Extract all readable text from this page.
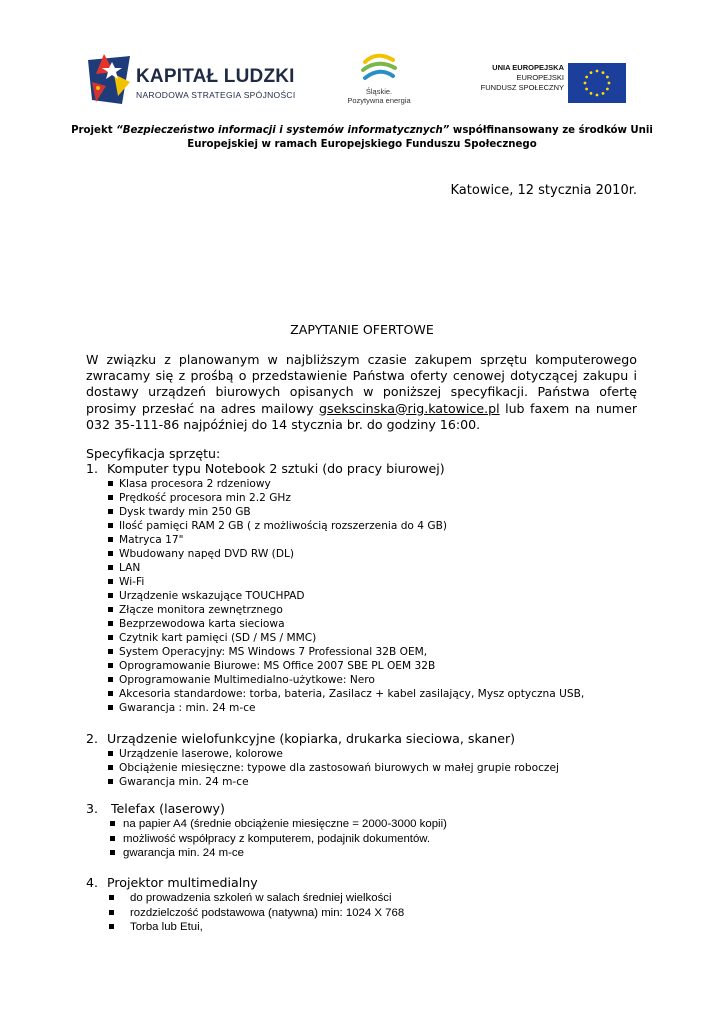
KAPITAŁ LUDZKI
NARODOWA STRATEGIA SPÓJNOŚCI	Śląskie.
Pozytywna energia
UNIA EUROPEJSKA
EUROPEJSKI
FUNDUSZ SPOŁECZNY
Projekt “Bezpieczeństwo informacji i systemów informatycznych” współfinansowany ze środków Unii
Europejskiej w ramach Europejskiego Funduszu Społecznego
Katowice, 12 stycznia 2010r.
ZAPYTANIE OFERTOWE
W związku z planowanym w najbliższym czasie zakupem sprzętu komputerowego zwracamy się z prośbą o przedstawienie Państwa oferty cenowej dotyczącej zakupu i dostawy urządzeń biurowych opisanych w poniższej specyfikacji. Państwa ofertę prosimy przesłać na adres mailowy gsekscinska@rig.katowice.pl lub faxem na numer 032 35-111-86 najpóźniej do 14 stycznia br. do godziny 16:00.
Specyfikacja sprzętu:
1. Komputer typu Notebook 2 sztuki (do pracy biurowej)
Klasa procesora 2 rdzeniowy
Prędkość procesora min 2.2 GHz
Dysk twardy min 250 GB
Ilość pamięci RAM 2 GB ( z możliwością rozszerzenia do 4 GB)
Matryca 17"
Wbudowany napęd DVD RW (DL)
LAN
Wi-Fi
Urządzenie wskazujące TOUCHPAD
Złącze monitora zewnętrznego
Bezprzewodowa karta sieciowa
Czytnik kart pamięci (SD / MS / MMC)
System Operacyjny: MS Windows 7 Professional 32B OEM,
Oprogramowanie Biurowe: MS Office 2007 SBE PL OEM 32B
Oprogramowanie Multimedialno-użytkowe: Nero
Akcesoria standardowe: torba, bateria, Zasilacz + kabel zasilający, Mysz optyczna USB,
Gwarancja : min. 24 m-ce
2. Urządzenie wielofunkcyjne (kopiarka, drukarka sieciowa, skaner)
Urządzenie laserowe, kolorowe
Obciążenie miesięczne: typowe dla zastosowań biurowych w małej grupie roboczej
Gwarancja min. 24 m-ce
3. Telefax (laserowy)
na papier A4 (średnie obciążenie miesięczne = 2000-3000 kopii)
możliwość współpracy z komputerem, podajnik dokumentów.
gwarancja min. 24 m-ce
4. Projektor multimedialny
do prowadzenia szkoleń w salach średniej wielkości
rozdzielczość podstawowa (natywna) min: 1024 X 768
Torba lub Etui,
